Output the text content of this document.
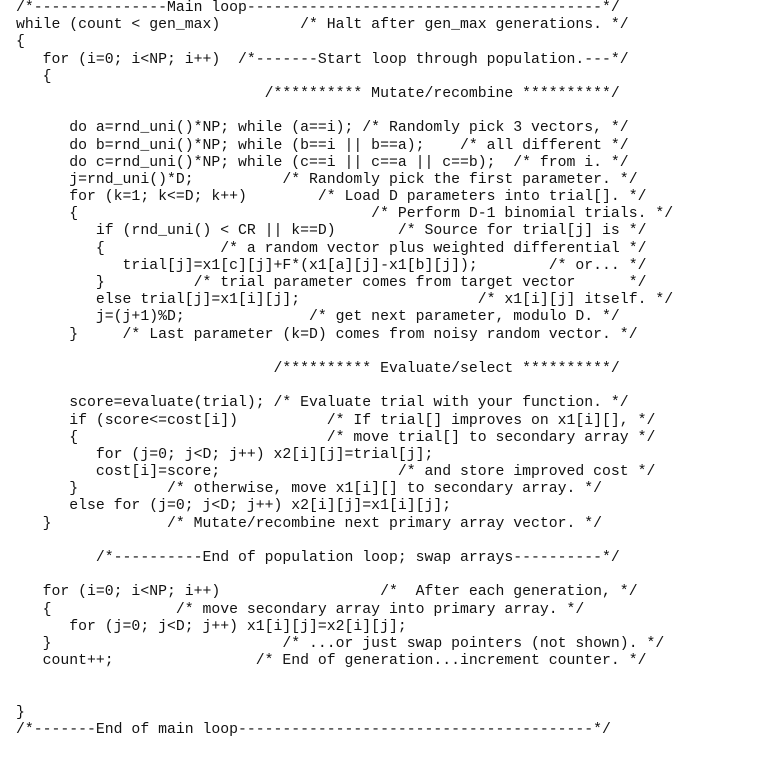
/*---------------Main loop----------------------------------------*/
while (count < gen_max)         /* Halt after gen_max generations. */
{
for (i=0; i<NP; i++)  /*-------Start loop through population.---*/
{
/********** Mutate/recombine **********/
do a=rnd_uni()*NP; while (a==i); /* Randomly pick 3 vectors, */
do b=rnd_uni()*NP; while (b==i || b==a);    /* all different */
do c=rnd_uni()*NP; while (c==i || c==a || c==b);  /* from i. */
j=rnd_uni()*D;          /* Randomly pick the first parameter. */
for (k=1; k<=D; k++)        /* Load D parameters into trial[]. */
{                                 /* Perform D-1 binomial trials. */
if (rnd_uni() < CR || k==D)       /* Source for trial[j] is */
{             /* a random vector plus weighted differential */
trial[j]=x1[c][j]+F*(x1[a][j]-x1[b][j]);        /* or... */
}          /* trial parameter comes from target vector      */
else trial[j]=x1[i][j];                    /* x1[i][j] itself. */
j=(j+1)%D;              /* get next parameter, modulo D. */
}     /* Last parameter (k=D) comes from noisy random vector. */
/********** Evaluate/select **********/
score=evaluate(trial); /* Evaluate trial with your function. */
if (score<=cost[i])          /* If trial[] improves on x1[i][], */
{                            /* move trial[] to secondary array */
for (j=0; j<D; j++) x2[i][j]=trial[j];
cost[i]=score;                    /* and store improved cost */
}          /* otherwise, move x1[i][] to secondary array. */
else for (j=0; j<D; j++) x2[i][j]=x1[i][j];
}             /* Mutate/recombine next primary array vector. */
/*----------End of population loop; swap arrays----------*/
for (i=0; i<NP; i++)                  /*  After each generation, */
{              /* move secondary array into primary array. */
for (j=0; j<D; j++) x1[i][j]=x2[i][j];
}                          /* ...or just swap pointers (not shown). */
count++;                /* End of generation...increment counter. */
}
/*-------End of main loop----------------------------------------*/
